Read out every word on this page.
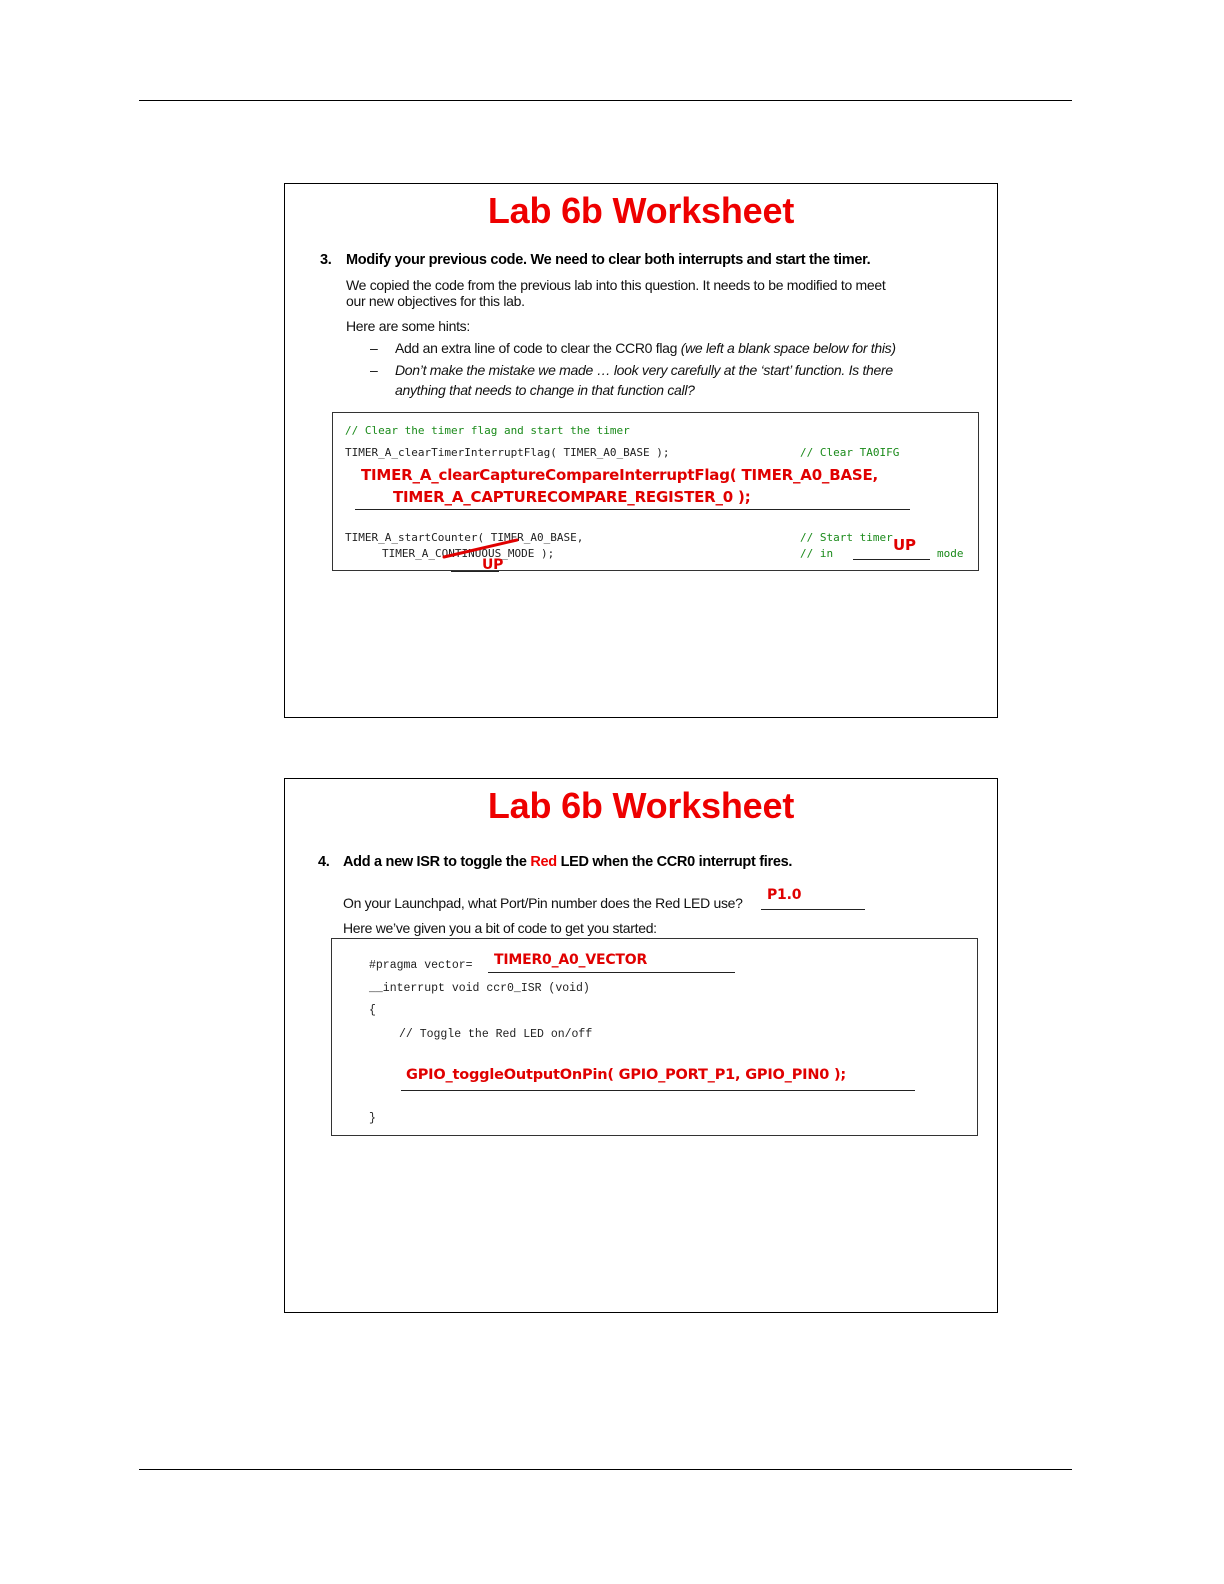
Lab 6b Worksheet
3. Modify your previous code. We need to clear both interrupts and start the timer.
We copied the code from the previous lab into this question. It needs to be modified to meet
our new objectives for this lab.
Here are some hints:
– Add an extra line of code to clear the CCR0 flag (we left a blank space below for this)
– Don’t make the mistake we made … look very carefully at the ‘start’ function. Is there
anything that needs to change in that function call?
// Clear the timer flag and start the timer
TIMER_A_clearTimerInterruptFlag( TIMER_A0_BASE );	// Clear TA0IFG
TIMER_A_clearCaptureCompareInterruptFlag( TIMER_A0_BASE,
TIMER_A_CAPTURECOMPARE_REGISTER_0 );
TIMER_A_startCounter( TIMER_A0_BASE,	// Start timer
TIMER_A_CONTINUOUS_MODE );
UP
// in	UP mode
Lab 6b Worksheet
4. Add a new ISR to toggle the Red LED when the CCR0 interrupt fires.
On your Launchpad, what Port/Pin number does the Red LED use? P1.0
Here we’ve given you a bit of code to get you started:
#pragma vector= TIMER0_A0_VECTOR
__interrupt void ccr0_ISR (void)
{
// Toggle the Red LED on/off
GPIO_toggleOutputOnPin( GPIO_PORT_P1, GPIO_PIN0 );
}
